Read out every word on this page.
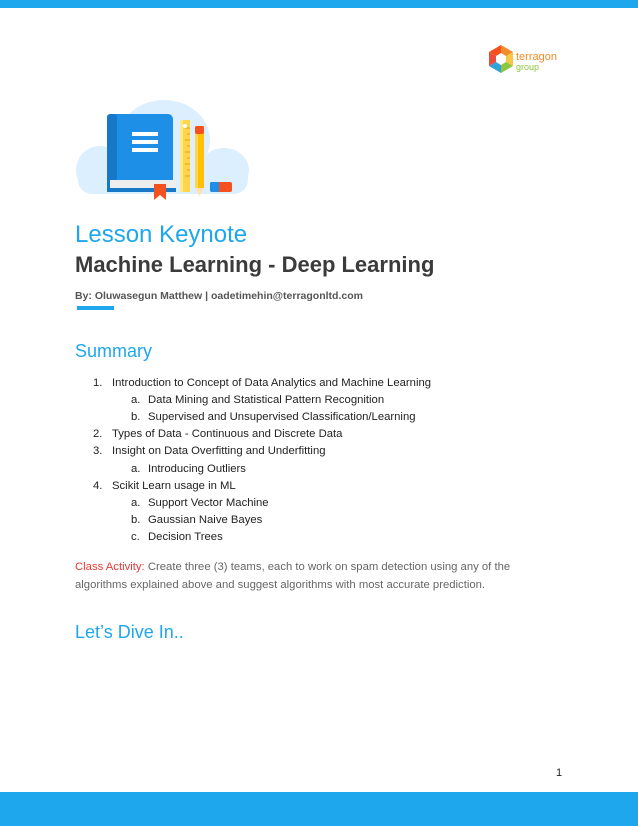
terragon
group
Lesson Keynote
Machine Learning - Deep Learning
By: Oluwasegun Matthew | oadetimehin@terragonltd.com
Summary
1. Introduction to Concept of Data Analytics and Machine Learning
a. Data Mining and Statistical Pattern Recognition
b. Supervised and Unsupervised Classification/Learning
2. Types of Data - Continuous and Discrete Data
3. Insight on Data Overfitting and Underfitting
a. Introducing Outliers
4. Scikit Learn usage in ML
a. Support Vector Machine
b. Gaussian Naive Bayes
c. Decision Trees
Class Activity: Create three (3) teams, each to work on spam detection using any of the algorithms explained above and suggest algorithms with most accurate prediction.
Let’s Dive In..
1
